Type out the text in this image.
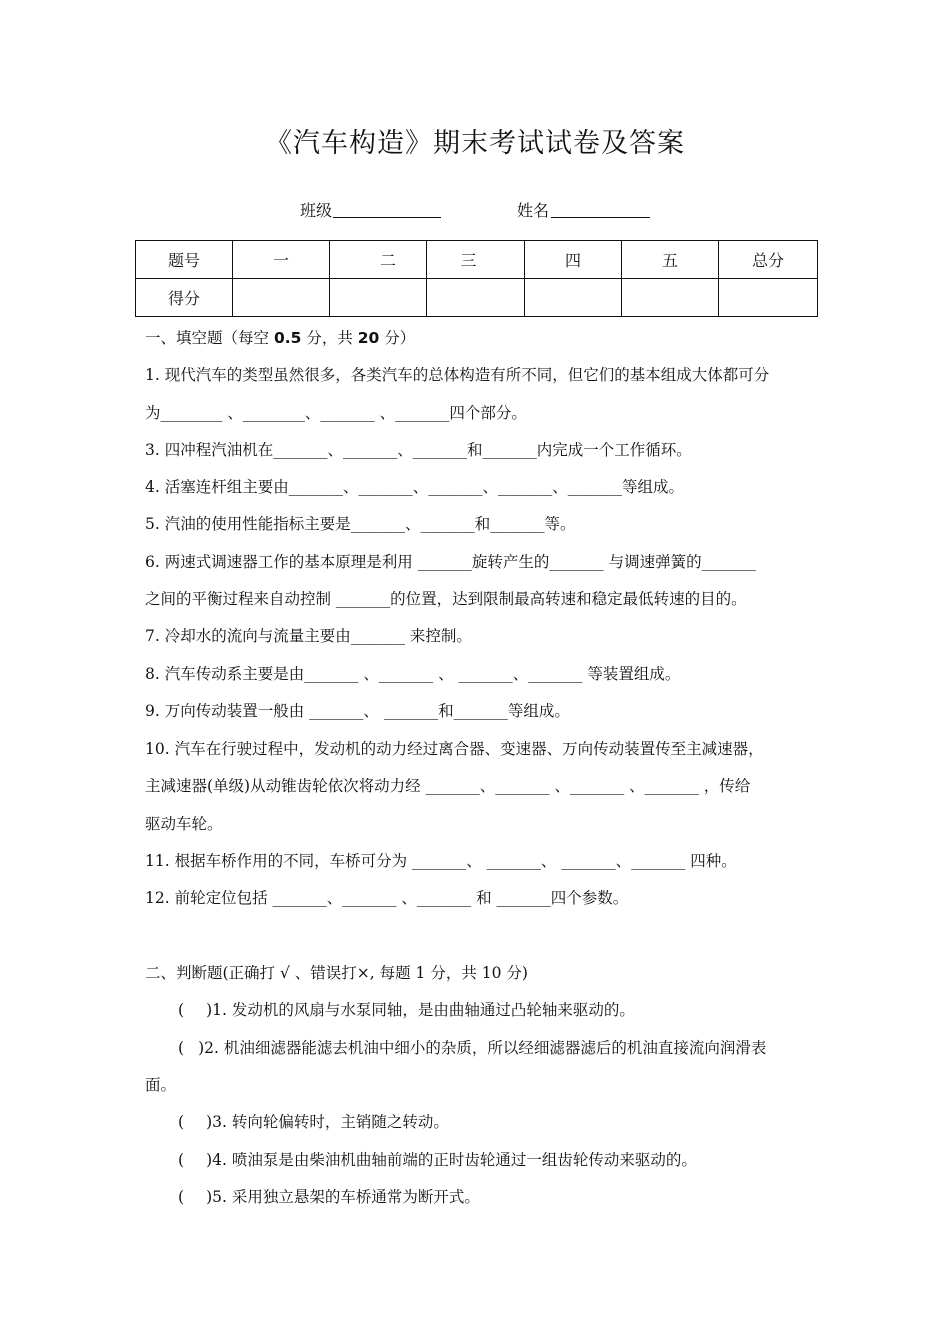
《汽车构造》期末考试试卷及答案
班级	姓名
题号	一	二	三	四	五	总分
得分						
一、填空题（每空 0.5 分，共 20 分）
1. 现代汽车的类型虽然很多，各类汽车的总体构造有所不同，但它们的基本组成大体都可分
为________ 、________、_______ 、_______四个部分。
3. 四冲程汽油机在_______、_______、_______和_______内完成一个工作循环。
4. 活塞连杆组主要由_______、_______、_______、_______、_______等组成。
5. 汽油的使用性能指标主要是_______、_______和_______等。
6. 两速式调速器工作的基本原理是利用 _______旋转产生的_______ 与调速弹簧的_______
之间的平衡过程来自动控制 _______的位置，达到限制最高转速和稳定最低转速的目的。
7. 冷却水的流向与流量主要由_______ 来控制。
8. 汽车传动系主要是由_______ 、_______ 、 _______、_______ 等装置组成。
9. 万向传动装置一般由 _______、 _______和_______等组成。
10. 汽车在行驶过程中，发动机的动力经过离合器、变速器、万向传动装置传至主减速器，
主减速器(单级)从动锥齿轮依次将动力经 _______、_______ 、_______ 、_______ ，传给
驱动车轮。
11. 根据车桥作用的不同，车桥可分为 _______、 _______、 _______、_______ 四种。
12. 前轮定位包括 _______、_______ 、_______ 和 _______四个参数。
二、判断题(正确打 √ 、错误打×, 每题 1 分，共 10 分)
( )1. 发动机的风扇与水泵同轴，是由曲轴通过凸轮轴来驱动的。
( )2. 机油细滤器能滤去机油中细小的杂质，所以经细滤器滤后的机油直接流向润滑表
面。
( )3. 转向轮偏转时，主销随之转动。
( )4. 喷油泵是由柴油机曲轴前端的正时齿轮通过一组齿轮传动来驱动的。
( )5. 采用独立悬架的车桥通常为断开式。
